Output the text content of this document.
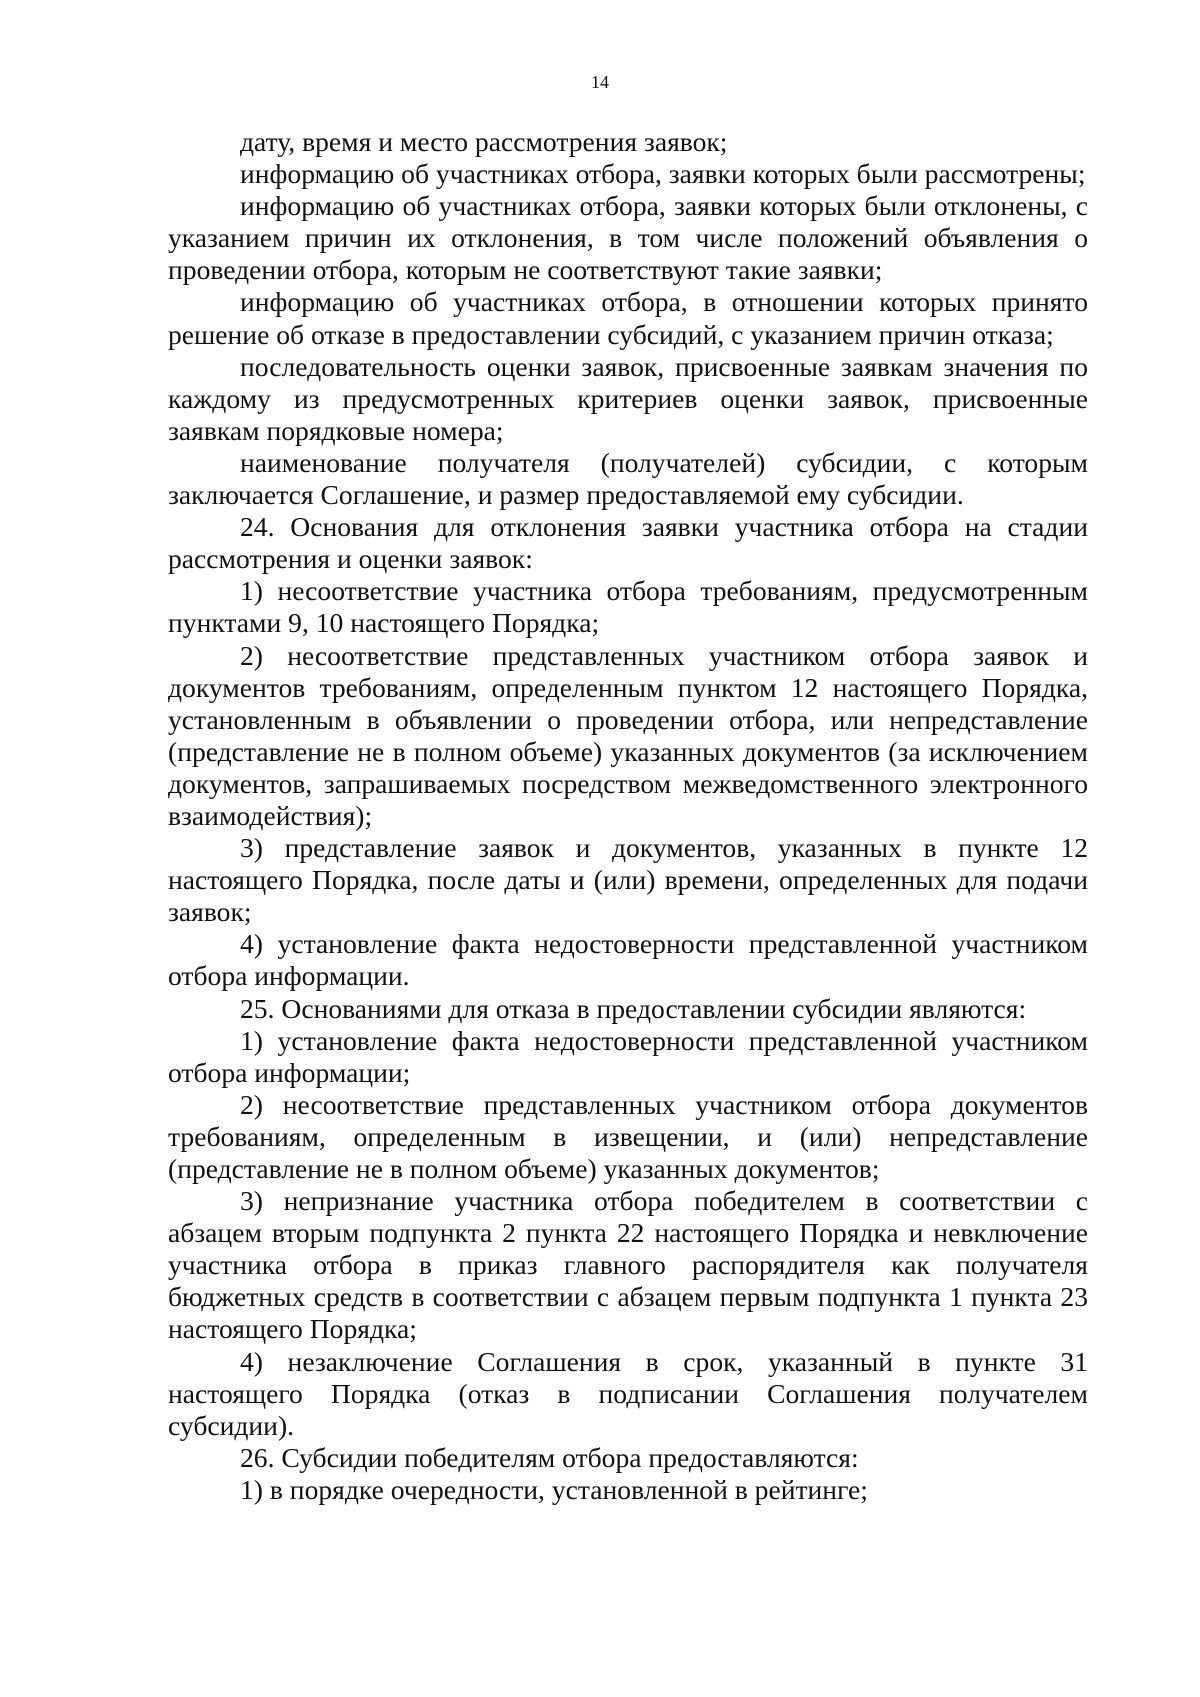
14

дату, время и место рассмотрения заявок;

информацию об участниках отбора, заявки которых были рассмотрены;

информацию об участниках отбора, заявки которых были отклонены, с указанием причин их отклонения, в том числе положений объявления о проведении отбора, которым не соответствуют такие заявки;

информацию об участниках отбора, в отношении которых принято решение об отказе в предоставлении субсидий, с указанием причин отказа;

последовательность оценки заявок, присвоенные заявкам значения по каждому из предусмотренных критериев оценки заявок, присвоенные заявкам порядковые номера;

наименование получателя (получателей) субсидии, с которым заключается Соглашение, и размер предоставляемой ему субсидии.

24. Основания для отклонения заявки участника отбора на стадии рассмотрения и оценки заявок:

1) несоответствие участника отбора требованиям, предусмотренным пунктами 9, 10 настоящего Порядка;

2) несоответствие представленных участником отбора заявок и документов требованиям, определенным пунктом 12 настоящего Порядка, установленным в объявлении о проведении отбора, или непредставление (представление не в полном объеме) указанных документов (за исключением документов, запрашиваемых посредством межведомственного электронного взаимодействия);

3) представление заявок и документов, указанных в пункте 12 настоящего Порядка, после даты и (или) времени, определенных для подачи заявок;

4) установление факта недостоверности представленной участником отбора информации.

25. Основаниями для отказа в предоставлении субсидии являются:

1) установление факта недостоверности представленной участником отбора информации;

2) несоответствие представленных участником отбора документов требованиям, определенным в извещении, и (или) непредставление (представление не в полном объеме) указанных документов;

3) непризнание участника отбора победителем в соответствии с абзацем вторым подпункта 2 пункта 22 настоящего Порядка и невключение участника отбора в приказ главного распорядителя как получателя бюджетных средств в соответствии с абзацем первым подпункта 1 пункта 23 настоящего Порядка;

4) незаключение Соглашения в срок, указанный в пункте 31 настоящего Порядка (отказ в подписании Соглашения получателем субсидии).

26. Субсидии победителям отбора предоставляются:

1) в порядке очередности, установленной в рейтинге;
